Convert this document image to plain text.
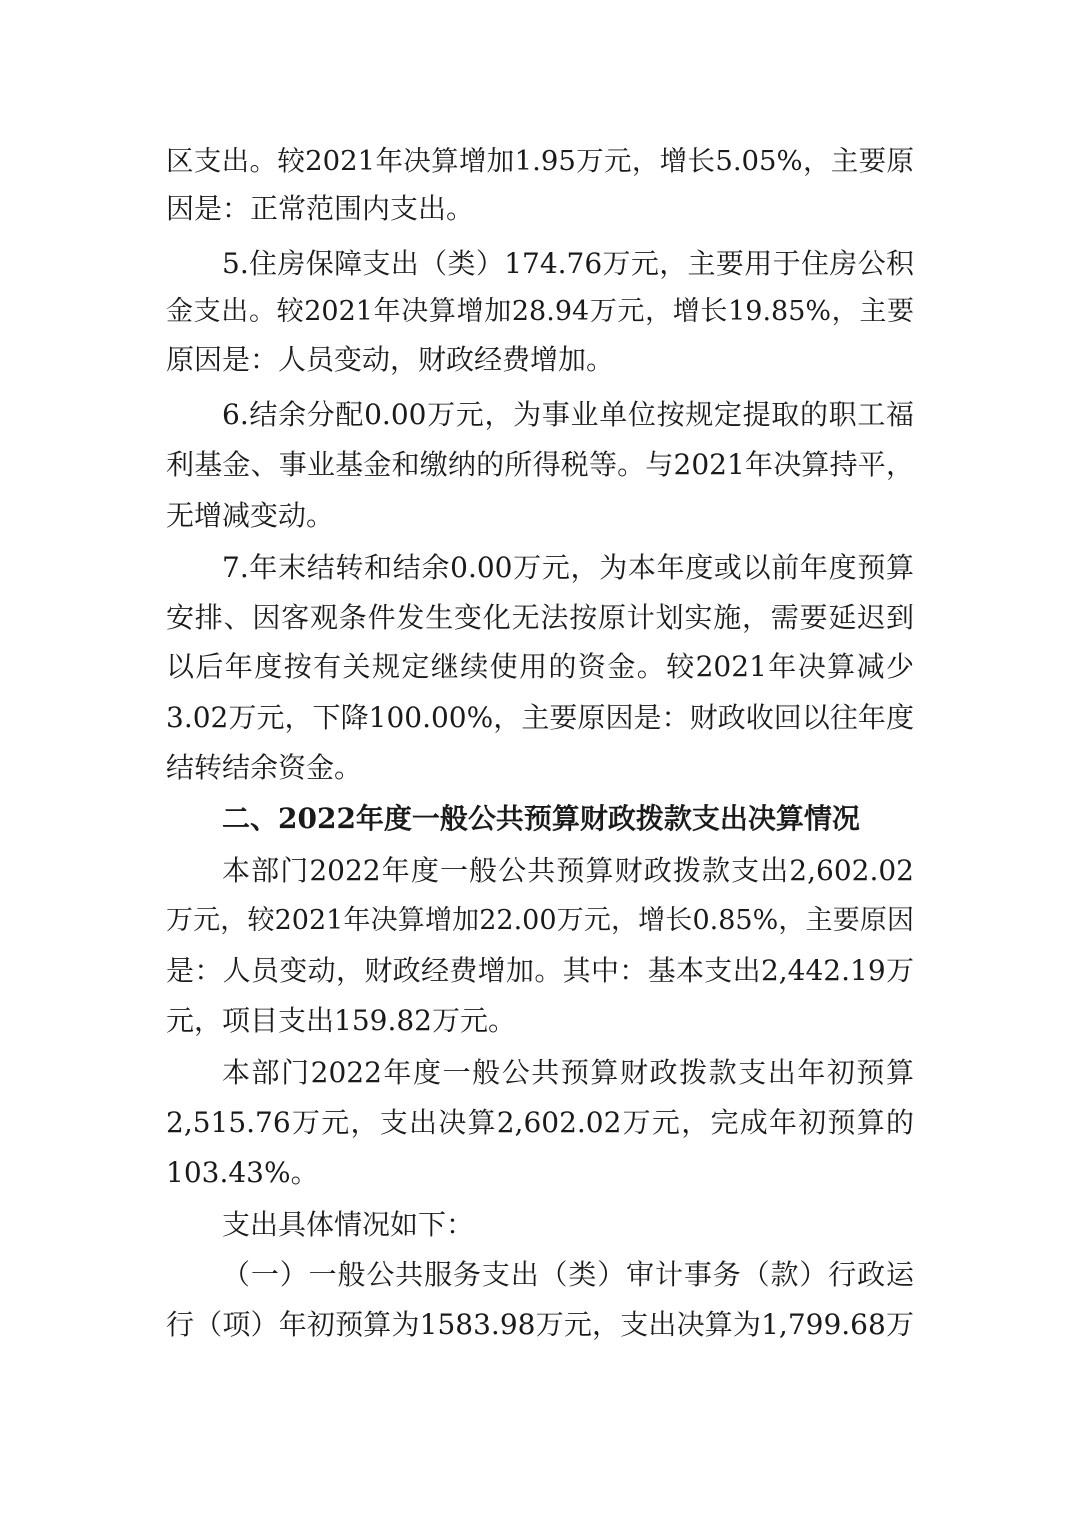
区支出。较2021年决算增加1.95万元，增长5.05%，主要原
因是：正常范围内支出。
5.住房保障支出（类）174.76万元，主要用于住房公积
金支出。较2021年决算增加28.94万元，增长19.85%，主要
原因是：人员变动，财政经费增加。
6.结余分配0.00万元，为事业单位按规定提取的职工福
利基金、事业基金和缴纳的所得税等。与2021年决算持平，
无增减变动。
7.年末结转和结余0.00万元，为本年度或以前年度预算
安排、因客观条件发生变化无法按原计划实施，需要延迟到
以后年度按有关规定继续使用的资金。较2021年决算减少
3.02万元，下降100.00%，主要原因是：财政收回以往年度
结转结余资金。
二、2022年度一般公共预算财政拨款支出决算情况
本部门2022年度一般公共预算财政拨款支出2,602.02
万元，较2021年决算增加22.00万元，增长0.85%，主要原因
是：人员变动，财政经费增加。其中：基本支出2,442.19万
元，项目支出159.82万元。
本部门2022年度一般公共预算财政拨款支出年初预算
2,515.76万元，支出决算2,602.02万元，完成年初预算的
103.43%。
支出具体情况如下：
（一）一般公共服务支出（类）审计事务（款）行政运
行（项）年初预算为1583.98万元，支出决算为1,799.68万
